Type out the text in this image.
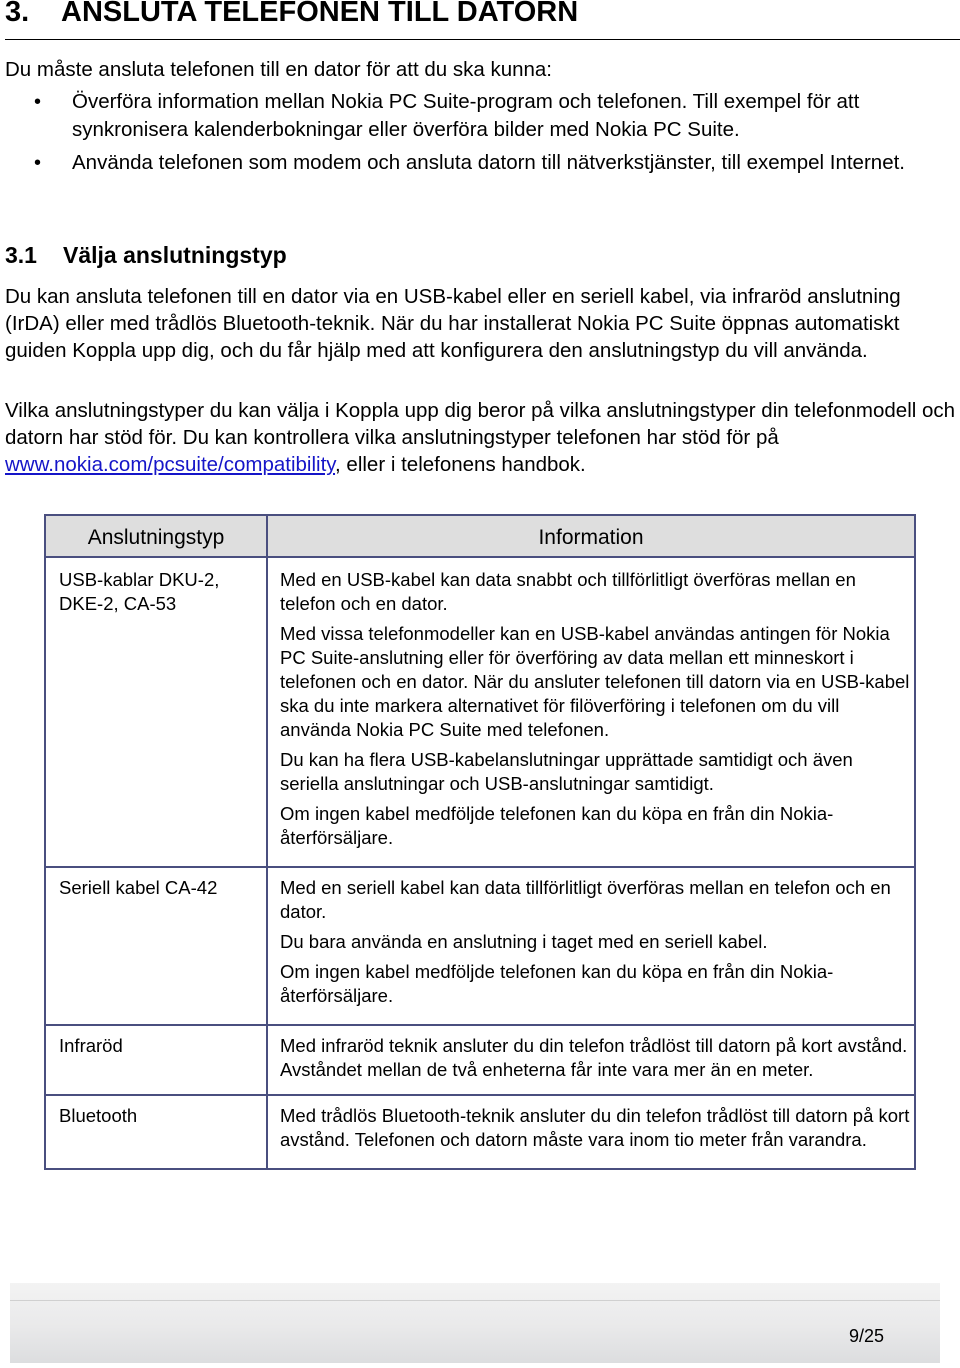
3. ANSLUTA TELEFONEN TILL DATORN

Du måste ansluta telefonen till en dator för att du ska kunna:

• Överföra information mellan Nokia PC Suite-program och telefonen. Till exempel för att synkronisera kalenderbokningar eller överföra bilder med Nokia PC Suite.
• Använda telefonen som modem och ansluta datorn till nätverkstjänster, till exempel Internet.
3.1 Välja anslutningstyp

Du kan ansluta telefonen till en dator via en USB-kabel eller en seriell kabel, via infraröd anslutning (IrDA) eller med trådlös Bluetooth-teknik. När du har installerat Nokia PC Suite öppnas automatiskt guiden Koppla upp dig, och du får hjälp med att konfigurera den anslutningstyp du vill använda.

Vilka anslutningstyper du kan välja i Koppla upp dig beror på vilka anslutningstyper din telefonmodell och datorn har stöd för. Du kan kontrollera vilka anslutningstyper telefonen har stöd för på www.nokia.com/pcsuite/compatibility, eller i telefonens handbok.

Anslutningstyp	Information
USB-kablar DKU-2, DKE-2, CA-53	Med en USB-kabel kan data snabbt och tillförlitligt överföras mellan en telefon och en dator.

Med vissa telefonmodeller kan en USB-kabel användas antingen för Nokia PC Suite-anslutning eller för överföring av data mellan ett minneskort i telefonen och en dator. När du ansluter telefonen till datorn via en USB-kabel ska du inte markera alternativet för filöverföring i telefonen om du vill använda Nokia PC Suite med telefonen.

Du kan ha flera USB-kabelanslutningar upprättade samtidigt och även seriella anslutningar och USB-anslutningar samtidigt.

Om ingen kabel medföljde telefonen kan du köpa en från din Nokia-återförsäljare.

Seriell kabel CA-42	Med en seriell kabel kan data tillförlitligt överföras mellan en telefon och en dator.

Du bara använda en anslutning i taget med en seriell kabel.

Om ingen kabel medföljde telefonen kan du köpa en från din Nokia-återförsäljare.

Infraröd	Med infraröd teknik ansluter du din telefon trådlöst till datorn på kort avstånd. Avståndet mellan de två enheterna får inte vara mer än en meter.

Bluetooth	Med trådlös Bluetooth-teknik ansluter du din telefon trådlöst till datorn på kort avstånd. Telefonen och datorn måste vara inom tio meter från varandra.

9/25
